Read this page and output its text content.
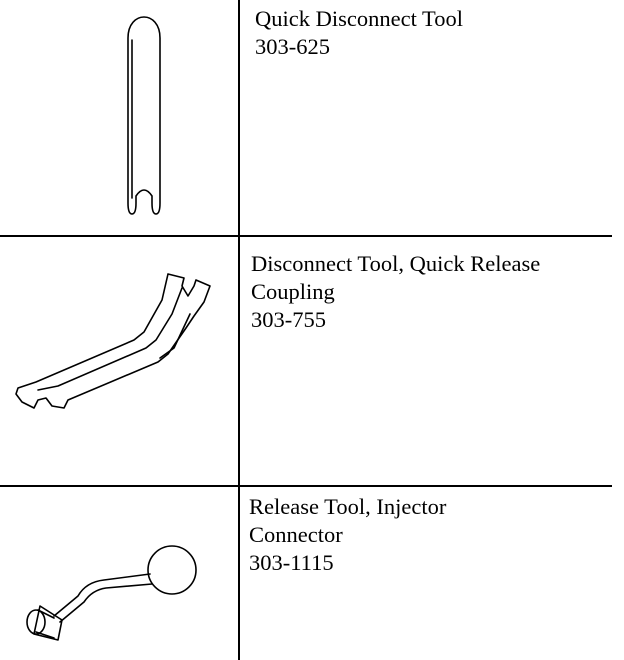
Quick Disconnect Tool
303-625
Disconnect Tool, Quick Release
Coupling
303-755
Release Tool, Injector
Connector
303-1115
